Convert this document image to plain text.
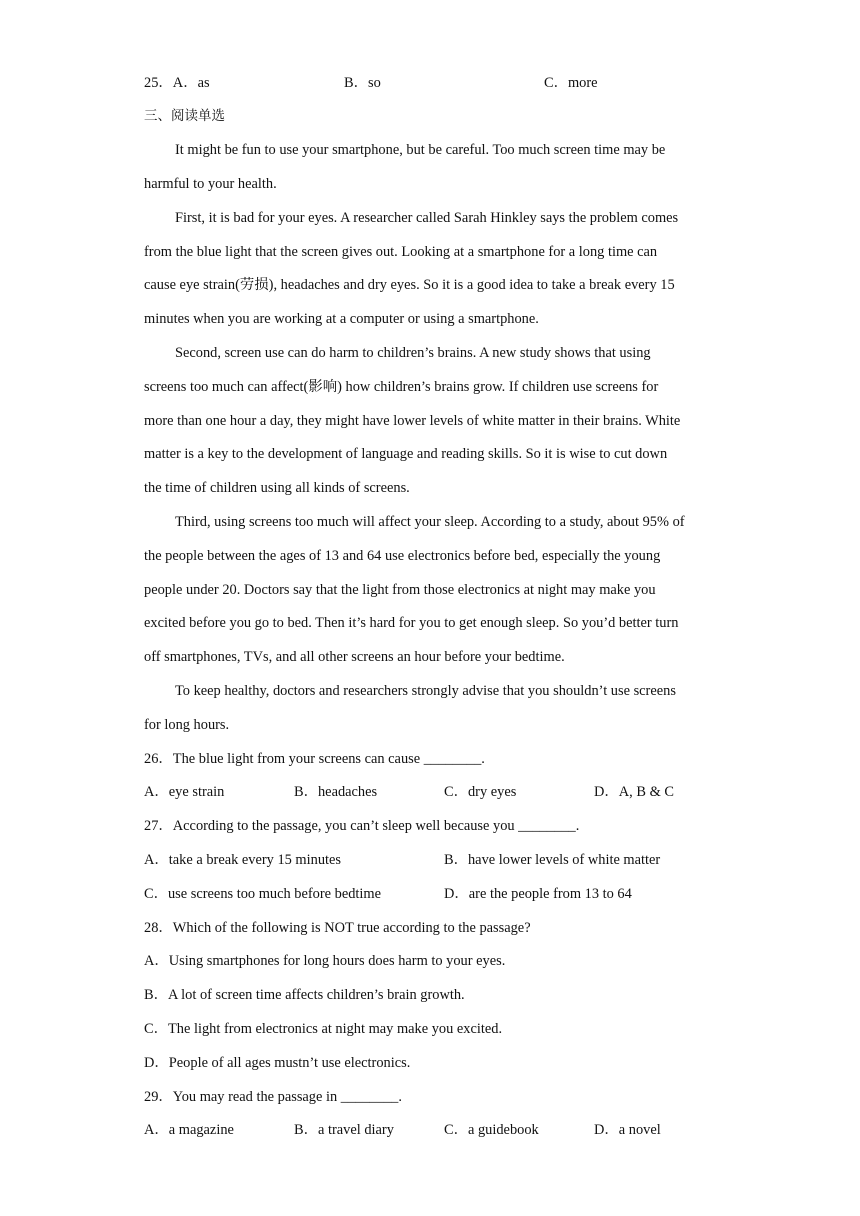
25．A．as	B．so	C．more
三、阅读单选
It might be fun to use your smartphone, but be careful. Too much screen time may be
harmful to your health.
First, it is bad for your eyes. A researcher called Sarah Hinkley says the problem comes
from the blue light that the screen gives out. Looking at a smartphone for a long time can
cause eye strain(劳损), headaches and dry eyes. So it is a good idea to take a break every 15
minutes when you are working at a computer or using a smartphone.
Second, screen use can do harm to children’s brains. A new study shows that using
screens too much can affect(影响) how children’s brains grow. If children use screens for
more than one hour a day, they might have lower levels of white matter in their brains. White
matter is a key to the development of language and reading skills. So it is wise to cut down
the time of children using all kinds of screens.
Third, using screens too much will affect your sleep. According to a study, about 95% of
the people between the ages of 13 and 64 use electronics before bed, especially the young
people under 20. Doctors say that the light from those electronics at night may make you
excited before you go to bed. Then it’s hard for you to get enough sleep. So you’d better turn
off smartphones, TVs, and all other screens an hour before your bedtime.
To keep healthy, doctors and researchers strongly advise that you shouldn’t use screens
for long hours.
26．The blue light from your screens can cause ________.
A．eye strain	B．headaches	C．dry eyes	D．A, B & C
27．According to the passage, you can’t sleep well because you ________.
A．take a break every 15 minutes	B．have lower levels of white matter
C．use screens too much before bedtime	D．are the people from 13 to 64
28．Which of the following is NOT true according to the passage?
A．Using smartphones for long hours does harm to your eyes.
B．A lot of screen time affects children’s brain growth.
C．The light from electronics at night may make you excited.
D．People of all ages mustn’t use electronics.
29．You may read the passage in ________.
A．a magazine	B．a travel diary	C．a guidebook	D．a novel
